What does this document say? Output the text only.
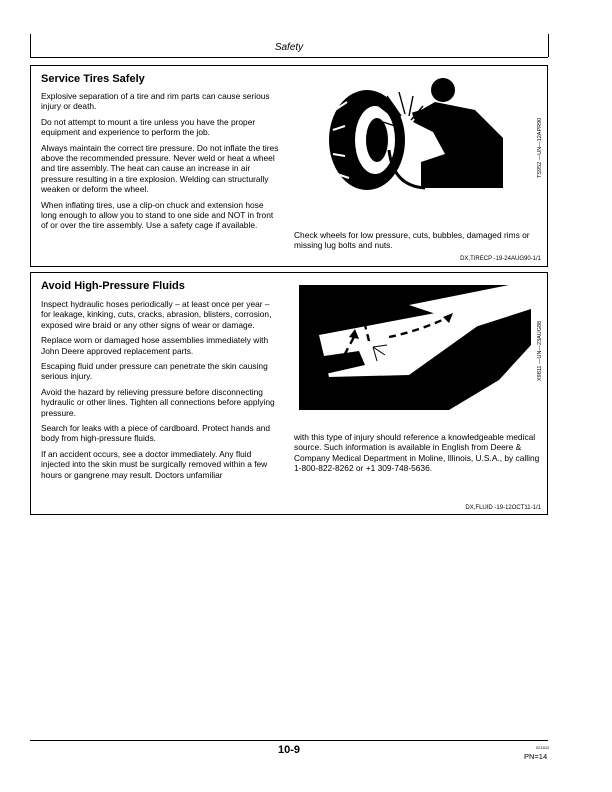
Safety
Service Tires Safely

Explosive separation of a tire and rim parts can cause serious injury or death.

Do not attempt to mount a tire unless you have the proper equipment and experience to perform the job.

Always maintain the correct tire pressure. Do not inflate the tires above the recommended pressure. Never weld or heat a wheel and tire assembly. The heat can cause an increase in air pressure resulting in a tire explosion. Welding can structurally weaken or deform the wheel.

When inflating tires, use a clip-on chuck and extension hose long enough to allow you to stand to one side and NOT in front of or over the tire assembly. Use a safety cage if available.

TS952 —UN—12APR90
Check wheels for low pressure, cuts, bubbles, damaged rims or missing lug bolts and nuts.
DX,TIRECP -19-24AUG90-1/1
Avoid High-Pressure Fluids

Inspect hydraulic hoses periodically – at least once per year – for leakage, kinking, cuts, cracks, abrasion, blisters, corrosion, exposed wire braid or any other signs of wear or damage.

Replace worn or damaged hose assemblies immediately with John Deere approved replacement parts.

Escaping fluid under pressure can penetrate the skin causing serious injury.

Avoid the hazard by relieving pressure before disconnecting hydraulic or other lines. Tighten all connections before applying pressure.

Search for leaks with a piece of cardboard. Protect hands and body from high-pressure fluids.

If an accident occurs, see a doctor immediately. Any fluid injected into the skin must be surgically removed within a few hours or gangrene may result. Doctors unfamiliar

X9811 —UN—23AUG88
with this type of injury should reference a knowledgeable medical source. Such information is available in English from Deere & Company Medical Department in Moline, Illinois, U.S.A., by calling 1-800-822-8262 or +1 309-748-5636.
DX,FLUID -19-12OCT11-1/1
10-9	021512
PN=14
